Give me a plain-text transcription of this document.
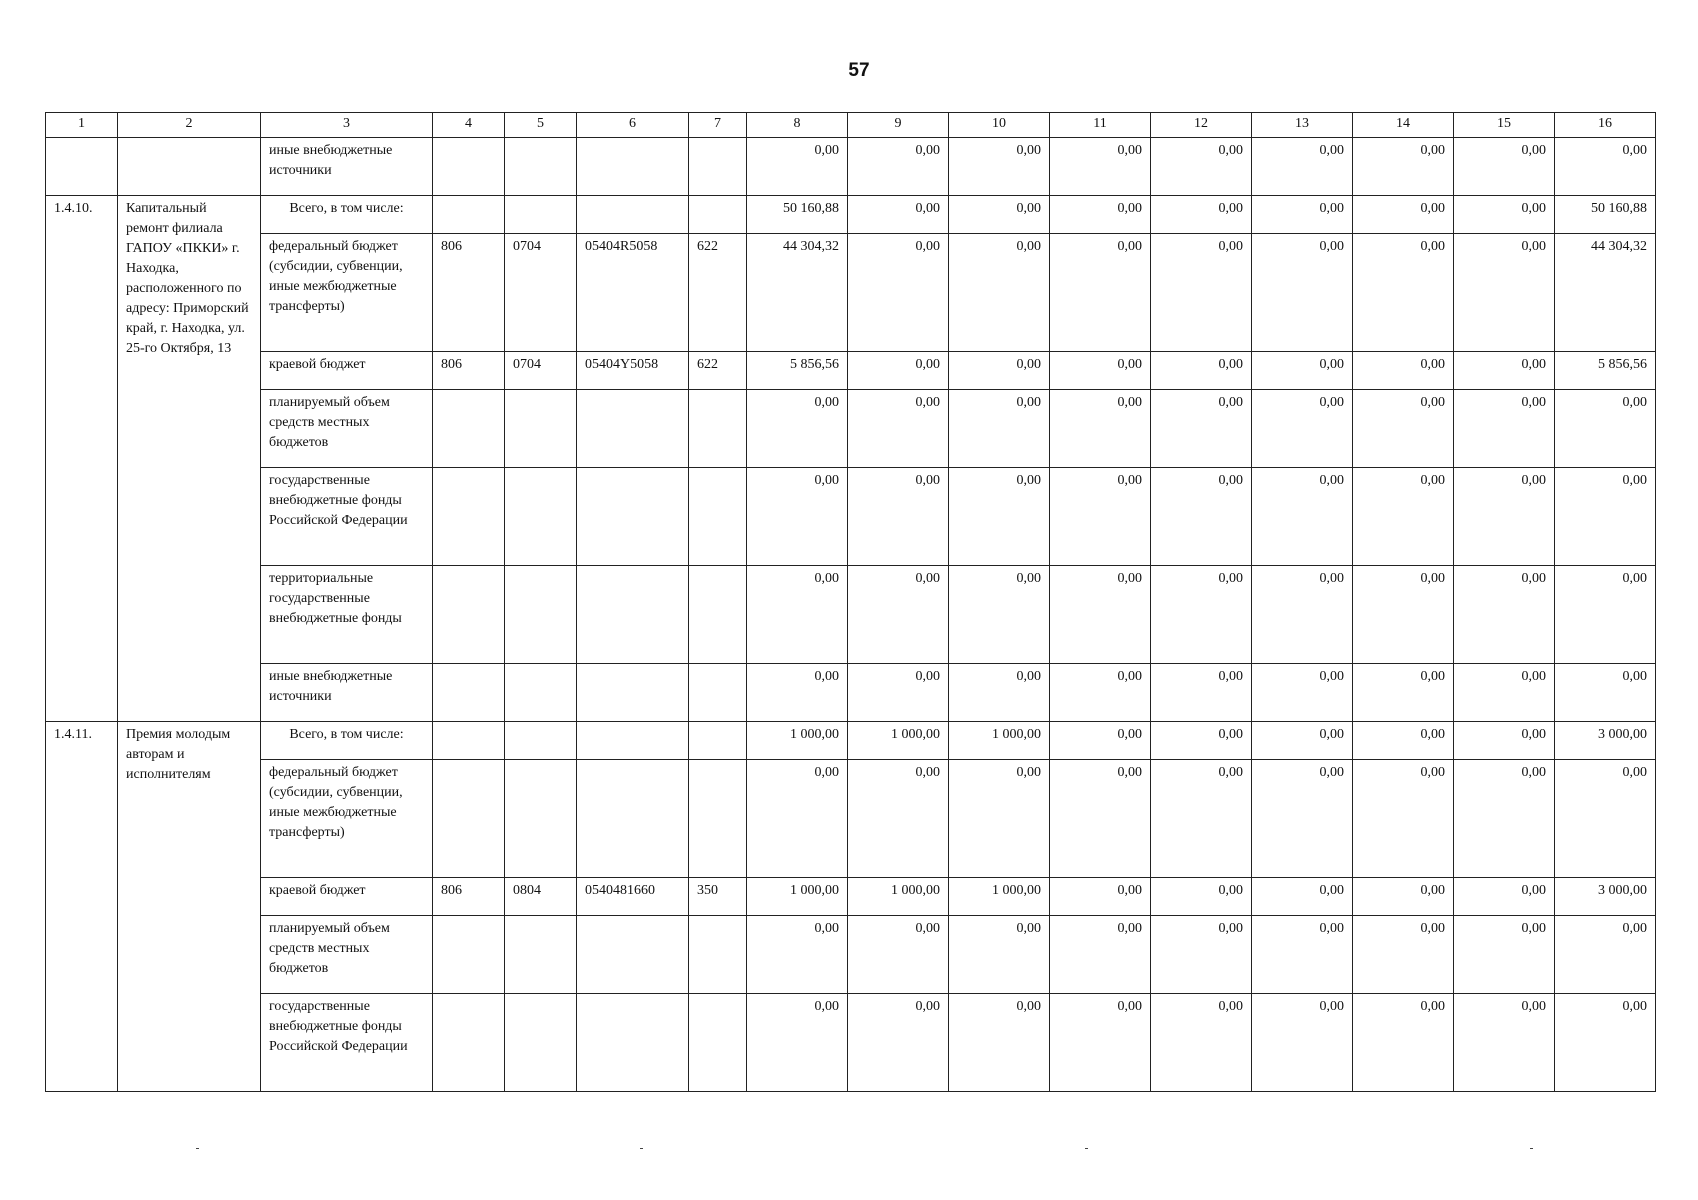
57
1	2	3	4	5	6	7	8	9	10	11	12	13	14	15	16
		иные внебюджетные источники					0,00	0,00	0,00	0,00	0,00	0,00	0,00	0,00	0,00
1.4.10.	Капитальный ремонт филиала ГАПОУ «ПККИ» г. Находка, расположенного по адресу: Приморский край, г. Находка, ул. 25-го Октября, 13	Всего, в том числе:					50 160,88	0,00	0,00	0,00	0,00	0,00	0,00	0,00	50 160,88
		федеральный бюджет (субсидии, субвенции, иные межбюджетные трансферты)	806	0704	05404R5058	622	44 304,32	0,00	0,00	0,00	0,00	0,00	0,00	0,00	44 304,32
		краевой бюджет	806	0704	05404Y5058	622	5 856,56	0,00	0,00	0,00	0,00	0,00	0,00	0,00	5 856,56
		планируемый объем средств местных бюджетов					0,00	0,00	0,00	0,00	0,00	0,00	0,00	0,00	0,00
		государственные внебюджетные фонды Российской Федерации					0,00	0,00	0,00	0,00	0,00	0,00	0,00	0,00	0,00
		территориальные государственные внебюджетные фонды					0,00	0,00	0,00	0,00	0,00	0,00	0,00	0,00	0,00
		иные внебюджетные источники					0,00	0,00	0,00	0,00	0,00	0,00	0,00	0,00	0,00
1.4.11.	Премия молодым авторам и исполнителям	Всего, в том числе:					1 000,00	1 000,00	1 000,00	0,00	0,00	0,00	0,00	0,00	3 000,00
		федеральный бюджет (субсидии, субвенции, иные межбюджетные трансферты)					0,00	0,00	0,00	0,00	0,00	0,00	0,00	0,00	0,00
		краевой бюджет	806	0804	0540481660	350	1 000,00	1 000,00	1 000,00	0,00	0,00	0,00	0,00	0,00	3 000,00
		планируемый объем средств местных бюджетов					0,00	0,00	0,00	0,00	0,00	0,00	0,00	0,00	0,00
		государственные внебюджетные фонды Российской Федерации					0,00	0,00	0,00	0,00	0,00	0,00	0,00	0,00	0,00
